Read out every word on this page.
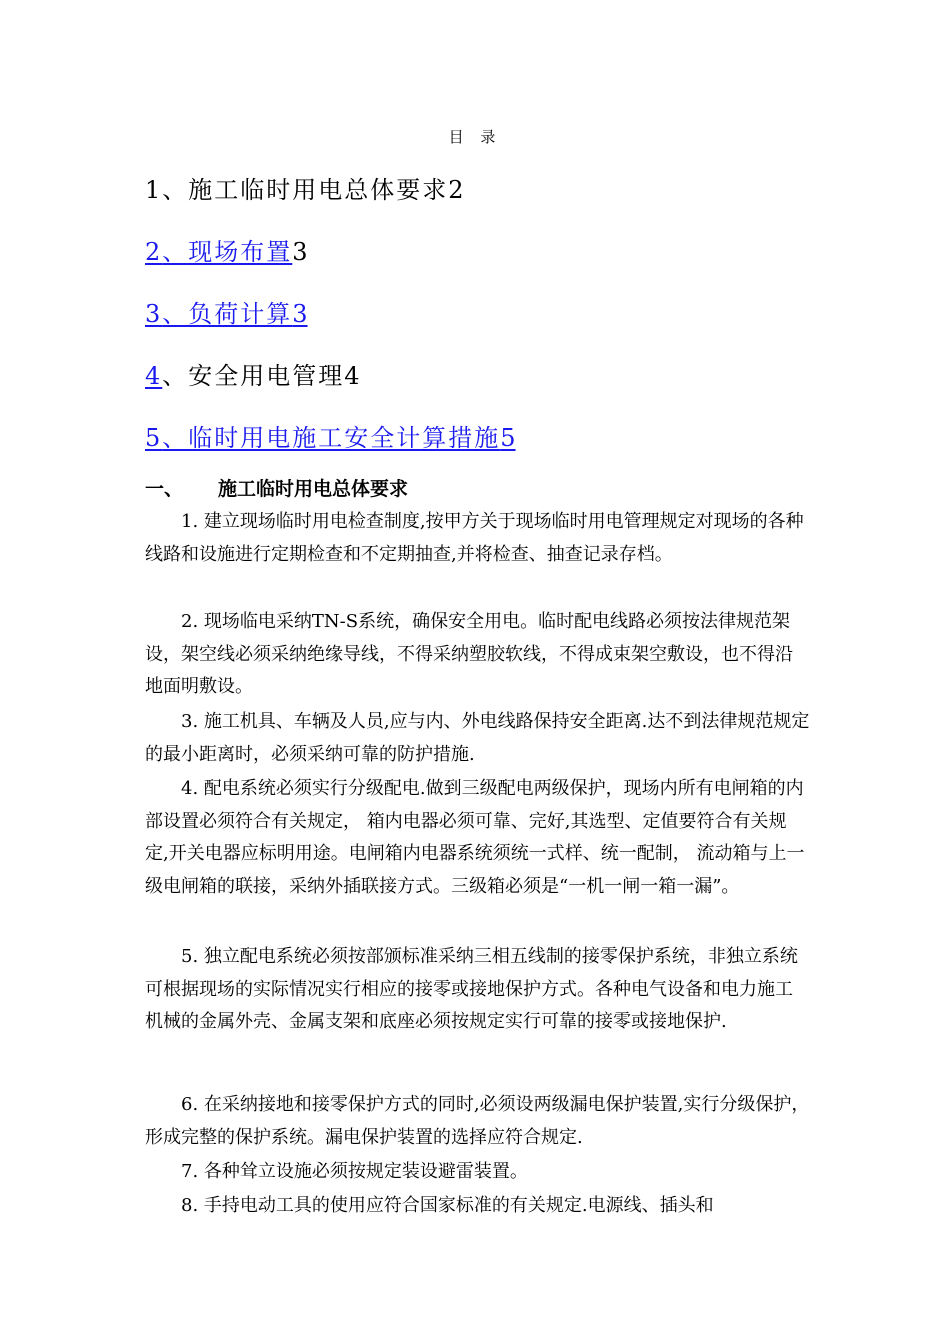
目 录
1、施工临时用电总体要求2
2、现场布置3
3、负荷计算3
4、安全用电管理4
5、临时用电施工安全计算措施5
一、 施工临时用电总体要求

1. 建立现场临时用电检查制度,按甲方关于现场临时用电管理规定对现场的各种线路和设施进行定期检查和不定期抽查,并将检查、抽查记录存档。

2. 现场临电采纳TN-S系统，确保安全用电。临时配电线路必须按法律规范架设，架空线必须采纳绝缘导线，不得采纳塑胶软线，不得成束架空敷设，也不得沿地面明敷设。

3. 施工机具、车辆及人员,应与内、外电线路保持安全距离.达不到法律规范规定的最小距离时，必须采纳可靠的防护措施.

4. 配电系统必须实行分级配电.做到三级配电两级保护，现场内所有电闸箱的内部设置必须符合有关规定， 箱内电器必须可靠、完好,其选型、定值要符合有关规定,开关电器应标明用途。电闸箱内电器系统须统一式样、统一配制， 流动箱与上一级电闸箱的联接，采纳外插联接方式。三级箱必须是“一机一闸一箱一漏”。

5. 独立配电系统必须按部颁标准采纳三相五线制的接零保护系统，非独立系统可根据现场的实际情况实行相应的接零或接地保护方式。各种电气设备和电力施工机械的金属外壳、金属支架和底座必须按规定实行可靠的接零或接地保护.

6. 在采纳接地和接零保护方式的同时,必须设两级漏电保护装置,实行分级保护，形成完整的保护系统。漏电保护装置的选择应符合规定.

7. 各种耸立设施必须按规定装设避雷装置。

8. 手持电动工具的使用应符合国家标准的有关规定.电源线、插头和
